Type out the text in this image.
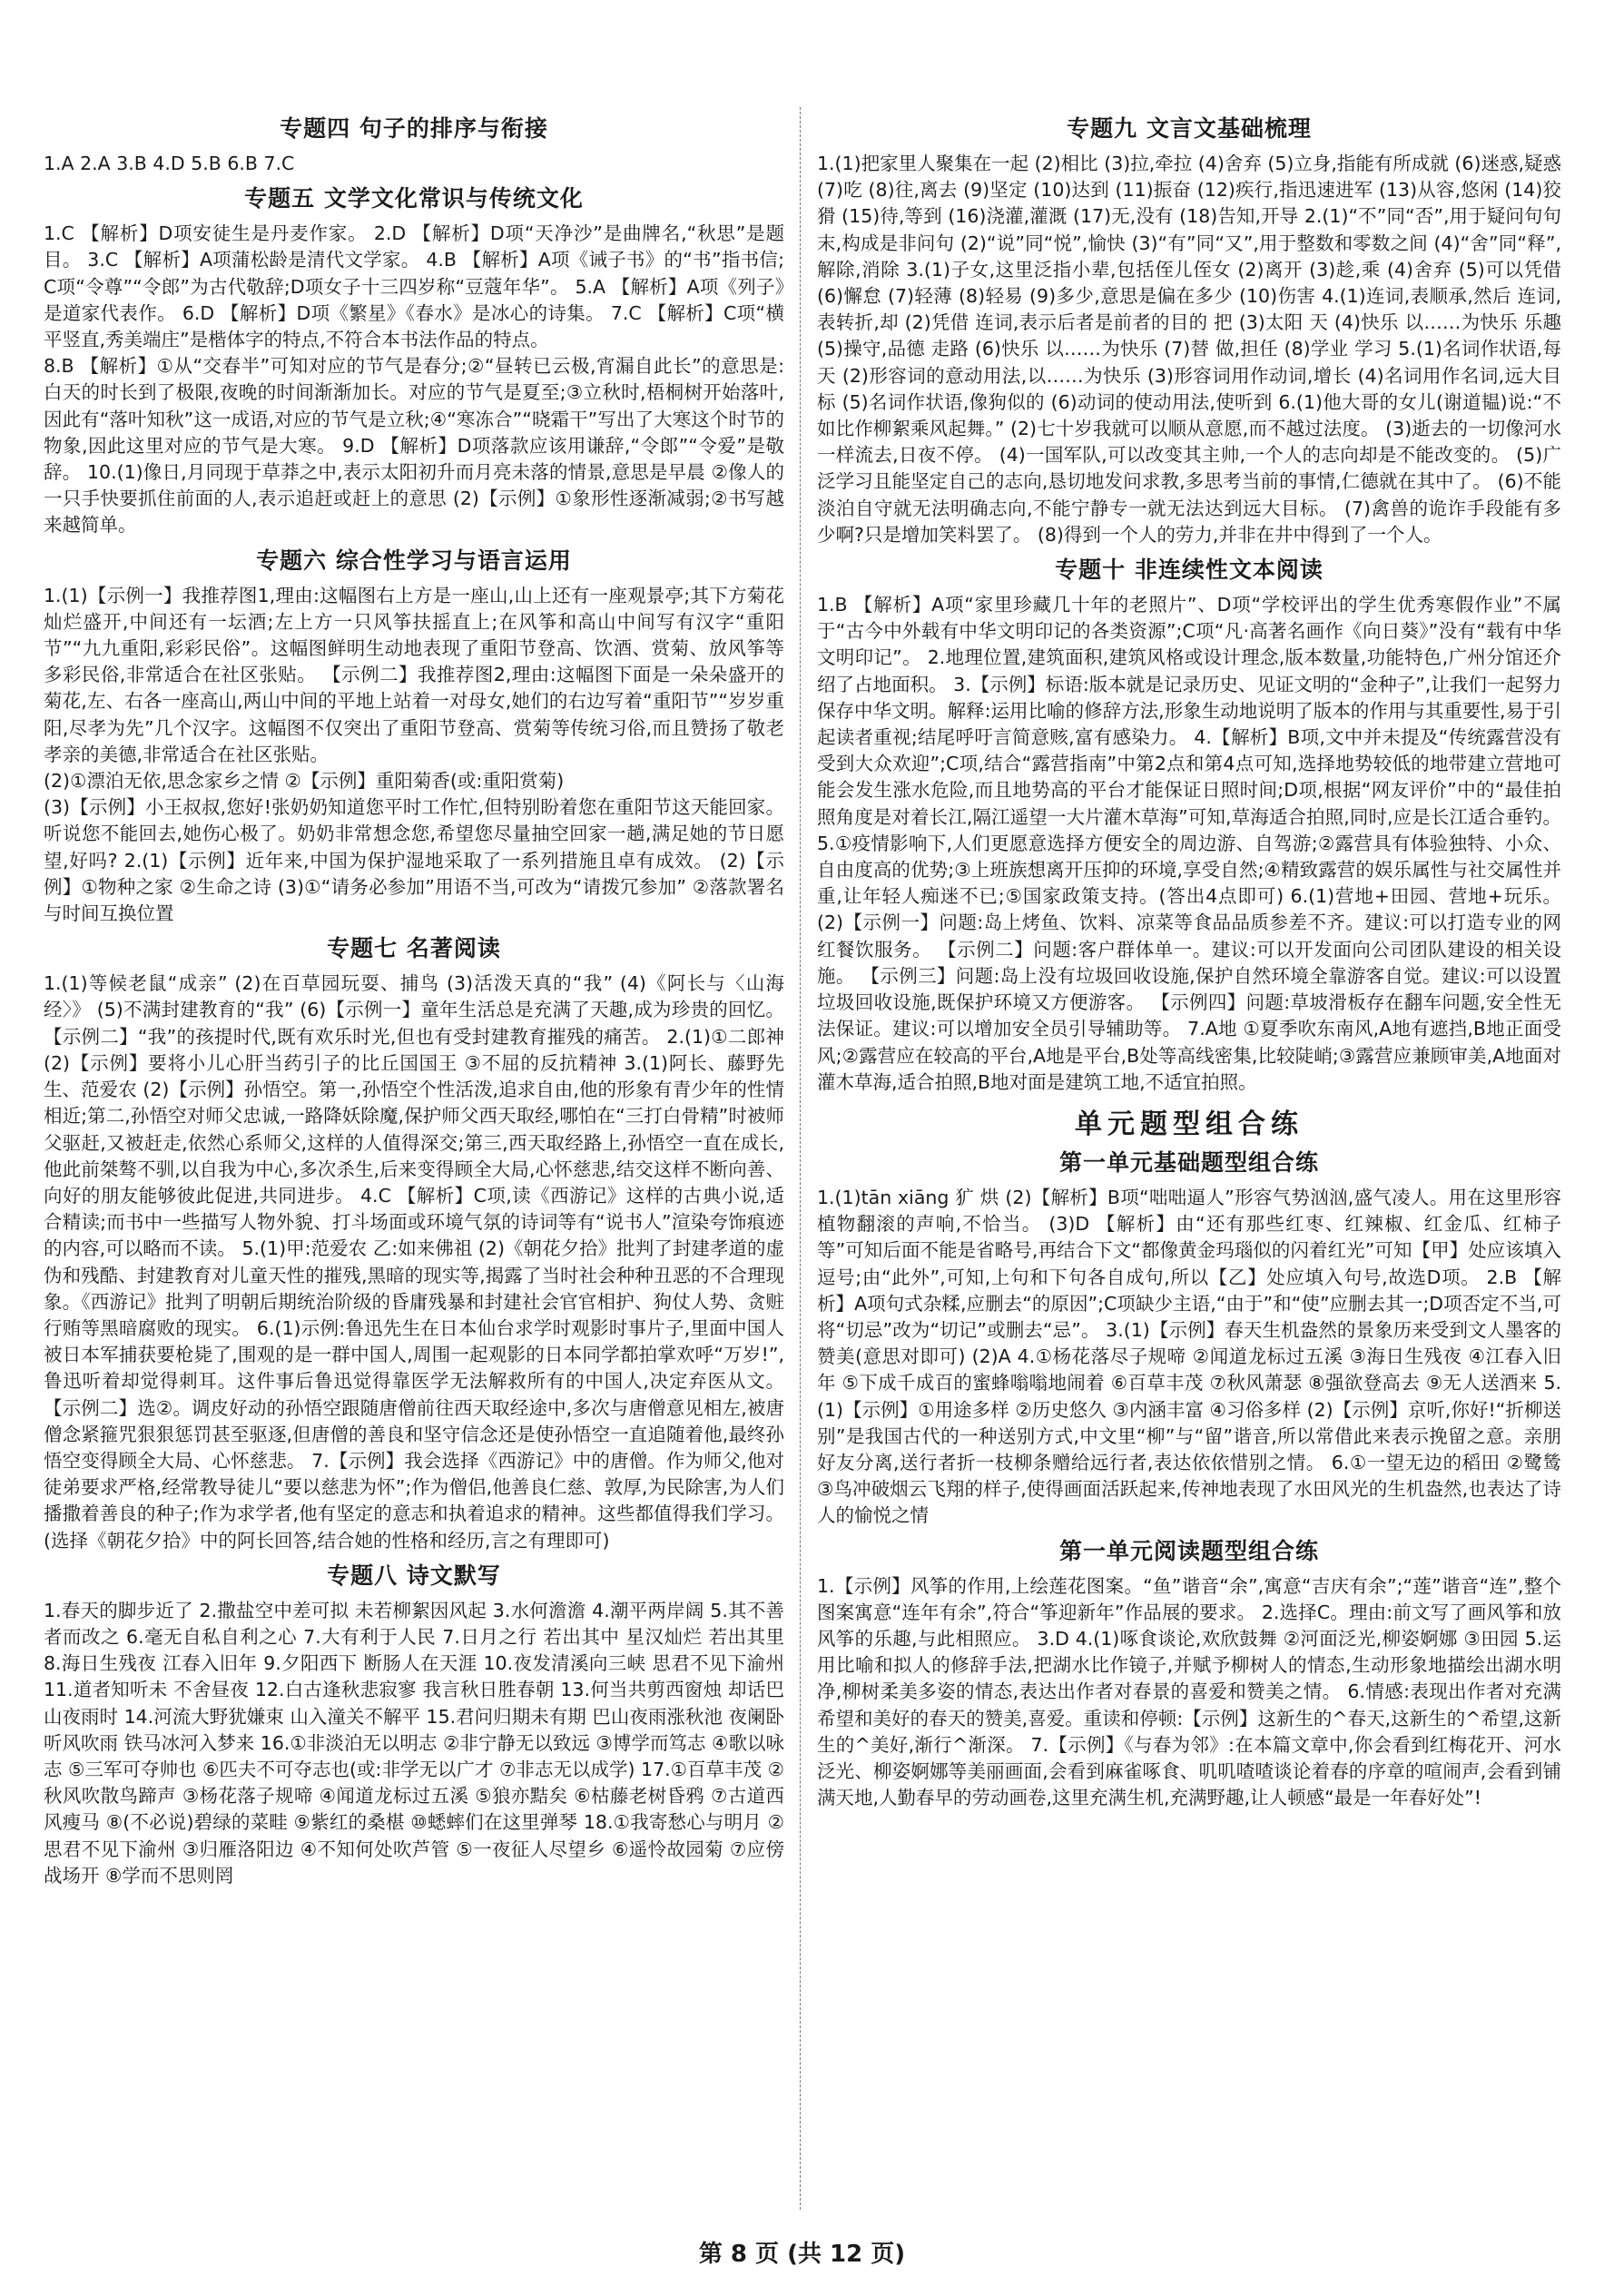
专题四 句子的排序与衔接

1.A 2.A 3.B 4.D 5.B 6.B 7.C

专题五 文学文化常识与传统文化

1.C 【解析】D项安徒生是丹麦作家。 2.D 【解析】D项“天净沙”是曲牌名,“秋思”是题目。 3.C 【解析】A项蒲松龄是清代文学家。 4.B 【解析】A项《诫子书》的“书”指书信;C项“令尊”“令郎”为古代敬辞;D项女子十三四岁称“豆蔻年华”。 5.A 【解析】A项《列子》是道家代表作。 6.D 【解析】D项《繁星》《春水》是冰心的诗集。 7.C 【解析】C项“横平竖直,秀美端庄”是楷体字的特点,不符合本书法作品的特点。

8.B 【解析】①从“交春半”可知对应的节气是春分;②“昼转已云极,宵漏自此长”的意思是:白天的时长到了极限,夜晚的时间渐渐加长。对应的节气是夏至;③立秋时,梧桐树开始落叶,因此有“落叶知秋”这一成语,对应的节气是立秋;④“寒冻合”“晓霜干”写出了大寒这个时节的物象,因此这里对应的节气是大寒。 9.D 【解析】D项落款应该用谦辞,“令郎”“令爱”是敬辞。 10.(1)像日,月同现于草莽之中,表示太阳初升而月亮未落的情景,意思是早晨 ②像人的一只手快要抓住前面的人,表示追赶或赶上的意思 (2)【示例】①象形性逐渐减弱;②书写越来越简单。

专题六 综合性学习与语言运用

1.(1)【示例一】我推荐图1,理由:这幅图右上方是一座山,山上还有一座观景亭;其下方菊花灿烂盛开,中间还有一坛酒;左上方一只风筝扶摇直上;在风筝和高山中间写有汉字“重阳节”“九九重阳,彩彩民俗”。这幅图鲜明生动地表现了重阳节登高、饮酒、赏菊、放风筝等多彩民俗,非常适合在社区张贴。 【示例二】我推荐图2,理由:这幅图下面是一朵朵盛开的菊花,左、右各一座高山,两山中间的平地上站着一对母女,她们的右边写着“重阳节”“岁岁重阳,尽孝为先”几个汉字。这幅图不仅突出了重阳节登高、赏菊等传统习俗,而且赞扬了敬老孝亲的美德,非常适合在社区张贴。

(2)①漂泊无依,思念家乡之情 ②【示例】重阳菊香(或:重阳赏菊)

(3)【示例】小王叔叔,您好!张奶奶知道您平时工作忙,但特别盼着您在重阳节这天能回家。听说您不能回去,她伤心极了。奶奶非常想念您,希望您尽量抽空回家一趟,满足她的节日愿望,好吗? 2.(1)【示例】近年来,中国为保护湿地采取了一系列措施且卓有成效。 (2)【示例】①物种之家 ②生命之诗 (3)①“请务必参加”用语不当,可改为“请拨冗参加” ②落款署名与时间互换位置

专题七 名著阅读

1.(1)等候老鼠“成亲” (2)在百草园玩耍、捕鸟 (3)活泼天真的“我” (4)《阿长与〈山海经〉》 (5)不满封建教育的“我” (6)【示例一】童年生活总是充满了天趣,成为珍贵的回忆。 【示例二】“我”的孩提时代,既有欢乐时光,但也有受封建教育摧残的痛苦。 2.(1)①二郎神 (2)【示例】要将小儿心肝当药引子的比丘国国王 ③不屈的反抗精神 3.(1)阿长、藤野先生、范爱农 (2)【示例】孙悟空。第一,孙悟空个性活泼,追求自由,他的形象有青少年的性情相近;第二,孙悟空对师父忠诚,一路降妖除魔,保护师父西天取经,哪怕在“三打白骨精”时被师父驱赶,又被赶走,依然心系师父,这样的人值得深交;第三,西天取经路上,孙悟空一直在成长,他此前桀骜不驯,以自我为中心,多次杀生,后来变得顾全大局,心怀慈悲,结交这样不断向善、向好的朋友能够彼此促进,共同进步。 4.C 【解析】C项,读《西游记》这样的古典小说,适合精读;而书中一些描写人物外貌、打斗场面或环境气氛的诗词等有“说书人”渲染夸饰痕迹的内容,可以略而不读。 5.(1)甲:范爱农 乙:如来佛祖 (2)《朝花夕拾》批判了封建孝道的虚伪和残酷、封建教育对儿童天性的摧残,黑暗的现实等,揭露了当时社会种种丑恶的不合理现象。《西游记》批判了明朝后期统治阶级的昏庸残暴和封建社会官官相护、狗仗人势、贪赃行贿等黑暗腐败的现实。 6.(1)示例:鲁迅先生在日本仙台求学时观影时事片子,里面中国人被日本军捕获要枪毙了,围观的是一群中国人,周围一起观影的日本同学都拍掌欢呼“万岁!”,鲁迅听着却觉得刺耳。这件事后鲁迅觉得靠医学无法解救所有的中国人,决定弃医从文。 【示例二】选②。调皮好动的孙悟空跟随唐僧前往西天取经途中,多次与唐僧意见相左,被唐僧念紧箍咒狠狠惩罚甚至驱逐,但唐僧的善良和坚守信念还是使孙悟空一直追随着他,最终孙悟空变得顾全大局、心怀慈悲。 7.【示例】我会选择《西游记》中的唐僧。作为师父,他对徒弟要求严格,经常教导徒儿“要以慈悲为怀”;作为僧侣,他善良仁慈、敦厚,为民除害,为人们播撒着善良的种子;作为求学者,他有坚定的意志和执着追求的精神。这些都值得我们学习。(选择《朝花夕拾》中的阿长回答,结合她的性格和经历,言之有理即可)

专题八 诗文默写

1.春天的脚步近了 2.撒盐空中差可拟 未若柳絮因风起 3.水何澹澹 4.潮平两岸阔 5.其不善者而改之 6.毫无自私自利之心 7.大有利于人民 7.日月之行 若出其中 星汉灿烂 若出其里 8.海日生残夜 江春入旧年 9.夕阳西下 断肠人在天涯 10.夜发清溪向三峡 思君不见下渝州 11.道者知听未 不舍昼夜 12.白古逢秋悲寂寥 我言秋日胜春朝 13.何当共剪西窗烛 却话巴山夜雨时 14.河流大野犹嫌束 山入潼关不解平 15.君问归期未有期 巴山夜雨涨秋池 夜阑卧听风吹雨 铁马冰河入梦来 16.①非淡泊无以明志 ②非宁静无以致远 ③博学而笃志 ④歌以咏志 ⑤三军可夺帅也 ⑥匹夫不可夺志也(或:非学无以广才 ⑦非志无以成学) 17.①百草丰茂 ②秋风吹散鸟蹄声 ③杨花落子规啼 ④闻道龙标过五溪 ⑤狼亦黠矣 ⑥枯藤老树昏鸦 ⑦古道西风瘦马 ⑧(不必说)碧绿的菜畦 ⑨紫红的桑椹 ⑩蟋蟀们在这里弹琴 18.①我寄愁心与明月 ②思君不见下渝州 ③归雁洛阳边 ④不知何处吹芦管 ⑤一夜征人尽望乡 ⑥遥怜故园菊 ⑦应傍战场开 ⑧学而不思则罔

专题九 文言文基础梳理

1.(1)把家里人聚集在一起 (2)相比 (3)拉,牵拉 (4)舍弃 (5)立身,指能有所成就 (6)迷惑,疑惑 (7)吃 (8)往,离去 (9)坚定 (10)达到 (11)振奋 (12)疾行,指迅速进军 (13)从容,悠闲 (14)狡猾 (15)待,等到 (16)浇灌,灌溉 (17)无,没有 (18)告知,开导 2.(1)“不”同“否”,用于疑问句句末,构成是非问句 (2)“说”同“悦”,愉快 (3)“有”同“又”,用于整数和零数之间 (4)“舍”同“释”,解除,消除 3.(1)子女,这里泛指小辈,包括侄儿侄女 (2)离开 (3)趁,乘 (4)舍弃 (5)可以凭借 (6)懈怠 (7)轻薄 (8)轻易 (9)多少,意思是偏在多少 (10)伤害 4.(1)连词,表顺承,然后 连词,表转折,却 (2)凭借 连词,表示后者是前者的目的 把 (3)太阳 天 (4)快乐 以……为快乐 乐趣 (5)操守,品德 走路 (6)快乐 以……为快乐 (7)替 做,担任 (8)学业 学习 5.(1)名词作状语,每天 (2)形容词的意动用法,以……为快乐 (3)形容词用作动词,增长 (4)名词用作名词,远大目标 (5)名词作状语,像狗似的 (6)动词的使动用法,使听到 6.(1)他大哥的女儿(谢道韫)说:“不如比作柳絮乘风起舞。” (2)七十岁我就可以顺从意愿,而不越过法度。 (3)逝去的一切像河水一样流去,日夜不停。 (4)一国军队,可以改变其主帅,一个人的志向却是不能改变的。 (5)广泛学习且能坚定自己的志向,恳切地发问求教,多思考当前的事情,仁德就在其中了。 (6)不能淡泊自守就无法明确志向,不能宁静专一就无法达到远大目标。 (7)禽兽的诡诈手段能有多少啊?只是增加笑料罢了。 (8)得到一个人的劳力,并非在井中得到了一个人。

专题十 非连续性文本阅读

1.B 【解析】A项“家里珍藏几十年的老照片”、D项“学校评出的学生优秀寒假作业”不属于“古今中外载有中华文明印记的各类资源”;C项“凡·高著名画作《向日葵》”没有“载有中华文明印记”。 2.地理位置,建筑面积,建筑风格或设计理念,版本数量,功能特色,广州分馆还介绍了占地面积。 3.【示例】标语:版本就是记录历史、见证文明的“金种子”,让我们一起努力保存中华文明。解释:运用比喻的修辞方法,形象生动地说明了版本的作用与其重要性,易于引起读者重视;结尾呼吁言简意赅,富有感染力。 4.【解析】B项,文中并未提及“传统露营没有受到大众欢迎”;C项,结合“露营指南”中第2点和第4点可知,选择地势较低的地带建立营地可能会发生涨水危险,而且地势高的平台才能保证日照时间;D项,根据“网友评价”中的“最佳拍照角度是对着长江,隔江遥望一大片灌木草海”可知,草海适合拍照,同时,应是长江适合垂钓。 5.①疫情影响下,人们更愿意选择方便安全的周边游、自驾游;②露营具有体验独特、小众、自由度高的优势;③上班族想离开压抑的环境,享受自然;④精致露营的娱乐属性与社交属性并重,让年轻人痴迷不已;⑤国家政策支持。(答出4点即可) 6.(1)营地+田园、营地+玩乐。 (2)【示例一】问题:岛上烤鱼、饮料、凉菜等食品品质参差不齐。建议:可以打造专业的网红餐饮服务。 【示例二】问题:客户群体单一。建议:可以开发面向公司团队建设的相关设施。 【示例三】问题:岛上没有垃圾回收设施,保护自然环境全靠游客自觉。建议:可以设置垃圾回收设施,既保护环境又方便游客。 【示例四】问题:草坡滑板存在翻车问题,安全性无法保证。建议:可以增加安全员引导辅助等。 7.A地 ①夏季吹东南风,A地有遮挡,B地正面受风;②露营应在较高的平台,A地是平台,B处等高线密集,比较陡峭;③露营应兼顾审美,A地面对灌木草海,适合拍照,B地对面是建筑工地,不适宜拍照。

单元题型组合练
第一单元基础题型组合练

1.(1)tān xiāng 犷 烘 (2)【解析】B项“咄咄逼人”形容气势汹汹,盛气凌人。用在这里形容植物翻滚的声响,不恰当。 (3)D 【解析】由“还有那些红枣、红辣椒、红金瓜、红柿子等”可知后面不能是省略号,再结合下文“都像黄金玛瑙似的闪着红光”可知【甲】处应该填入逗号;由“此外”,可知,上句和下句各自成句,所以【乙】处应填入句号,故选D项。 2.B 【解析】A项句式杂糅,应删去“的原因”;C项缺少主语,“由于”和“使”应删去其一;D项否定不当,可将“切忌”改为“切记”或删去“忌”。 3.(1)【示例】春天生机盎然的景象历来受到文人墨客的赞美(意思对即可) (2)A 4.①杨花落尽子规啼 ②闻道龙标过五溪 ③海日生残夜 ④江春入旧年 ⑤下成千成百的蜜蜂嗡嗡地闹着 ⑥百草丰茂 ⑦秋风萧瑟 ⑧强欲登高去 ⑨无人送酒来 5.(1)【示例】①用途多样 ②历史悠久 ③内涵丰富 ④习俗多样 (2)【示例】京听,你好!“折柳送别”是我国古代的一种送别方式,中文里“柳”与“留”谐音,所以常借此来表示挽留之意。亲朋好友分离,送行者折一枝柳条赠给远行者,表达依依惜别之情。 6.①一望无边的稻田 ②鹭鸶 ③鸟冲破烟云飞翔的样子,使得画面活跃起来,传神地表现了水田风光的生机盎然,也表达了诗人的愉悦之情

第一单元阅读题型组合练

1.【示例】风筝的作用,上绘莲花图案。“鱼”谐音“余”,寓意“吉庆有余”;“莲”谐音“连”,整个图案寓意“连年有余”,符合“筝迎新年”作品展的要求。 2.选择C。理由:前文写了画风筝和放风筝的乐趣,与此相照应。 3.D 4.(1)啄食谈论,欢欣鼓舞 ②河面泛光,柳姿婀娜 ③田园 5.运用比喻和拟人的修辞手法,把湖水比作镜子,并赋予柳树人的情态,生动形象地描绘出湖水明净,柳树柔美多姿的情态,表达出作者对春景的喜爱和赞美之情。 6.情感:表现出作者对充满希望和美好的春天的赞美,喜爱。重读和停顿:【示例】这新生的^春天,这新生的^希望,这新生的^美好,渐行^渐深。 7.【示例】《与春为邻》:在本篇文章中,你会看到红梅花开、河水泛光、柳姿婀娜等美丽画面,会看到麻雀啄食、叽叽喳喳谈论着春的序章的喧闹声,会看到铺满天地,人勤春早的劳动画卷,这里充满生机,充满野趣,让人顿感“最是一年春好处”!

第 8 页 (共 12 页)
